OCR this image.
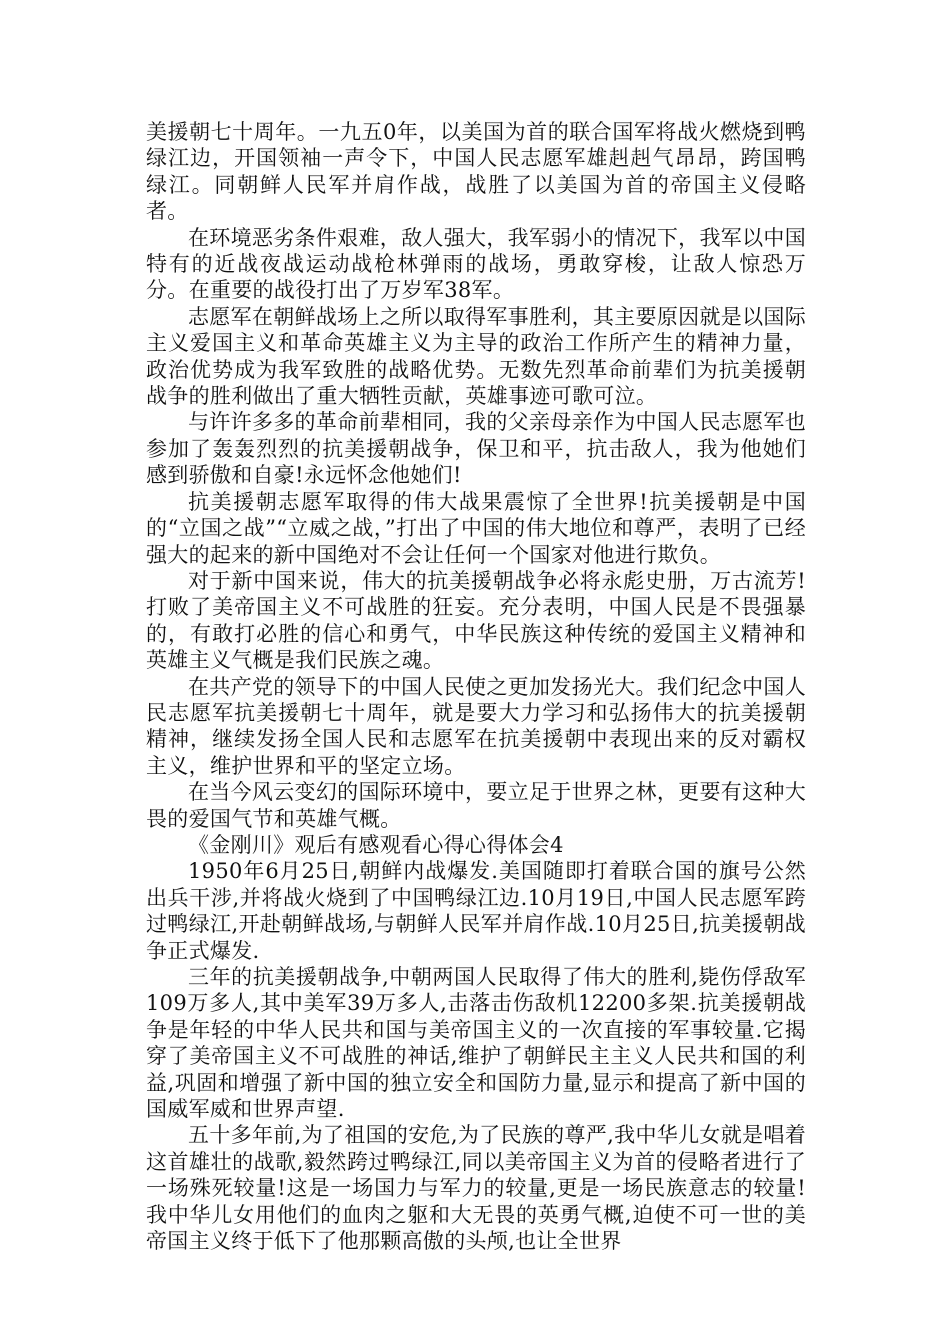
美援朝七十周年。一九五0年，以美国为首的联合国军将战火燃烧到鸭绿江边，开国领袖一声令下，中国人民志愿军雄赳赳气昂昂，跨国鸭绿江。同朝鲜人民军并肩作战，战胜了以美国为首的帝国主义侵略者。

在环境恶劣条件艰难，敌人强大，我军弱小的情况下，我军以中国特有的近战夜战运动战枪林弹雨的战场，勇敢穿梭，让敌人惊恐万分。在重要的战役打出了万岁军38军。

志愿军在朝鲜战场上之所以取得军事胜利，其主要原因就是以国际主义爱国主义和革命英雄主义为主导的政治工作所产生的精神力量，政治优势成为我军致胜的战略优势。无数先烈革命前辈们为抗美援朝战争的胜利做出了重大牺牲贡献，英雄事迹可歌可泣。

与许许多多的革命前辈相同，我的父亲母亲作为中国人民志愿军也参加了轰轰烈烈的抗美援朝战争，保卫和平，抗击敌人，我为他她们感到骄傲和自豪!永远怀念他她们!

抗美援朝志愿军取得的伟大战果震惊了全世界!抗美援朝是中国的“立国之战”“立威之战，”打出了中国的伟大地位和尊严，表明了已经强大的起来的新中国绝对不会让任何一个国家对他进行欺负。

对于新中国来说，伟大的抗美援朝战争必将永彪史册，万古流芳!打败了美帝国主义不可战胜的狂妄。充分表明，中国人民是不畏强暴的，有敢打必胜的信心和勇气，中华民族这种传统的爱国主义精神和英雄主义气概是我们民族之魂。

在共产党的领导下的中国人民使之更加发扬光大。我们纪念中国人民志愿军抗美援朝七十周年，就是要大力学习和弘扬伟大的抗美援朝精神，继续发扬全国人民和志愿军在抗美援朝中表现出来的反对霸权主义，维护世界和平的坚定立场。

在当今风云变幻的国际环境中，要立足于世界之林，更要有这种大畏的爱国气节和英雄气概。

《金刚川》观后有感观看心得心得体会4

1950年6月25日,朝鲜内战爆发.美国随即打着联合国的旗号公然出兵干涉,并将战火烧到了中国鸭绿江边.10月19日,中国人民志愿军跨过鸭绿江,开赴朝鲜战场,与朝鲜人民军并肩作战.10月25日,抗美援朝战争正式爆发.

三年的抗美援朝战争,中朝两国人民取得了伟大的胜利,毙伤俘敌军109万多人,其中美军39万多人,击落击伤敌机12200多架.抗美援朝战争是年轻的中华人民共和国与美帝国主义的一次直接的军事较量.它揭穿了美帝国主义不可战胜的神话,维护了朝鲜民主主义人民共和国的利益,巩固和增强了新中国的独立安全和国防力量,显示和提高了新中国的国威军威和世界声望.

五十多年前,为了祖国的安危,为了民族的尊严,我中华儿女就是唱着这首雄壮的战歌,毅然跨过鸭绿江,同以美帝国主义为首的侵略者进行了一场殊死较量!这是一场国力与军力的较量,更是一场民族意志的较量!我中华儿女用他们的血肉之躯和大无畏的英勇气概,迫使不可一世的美帝国主义终于低下了他那颗高傲的头颅,也让全世界
